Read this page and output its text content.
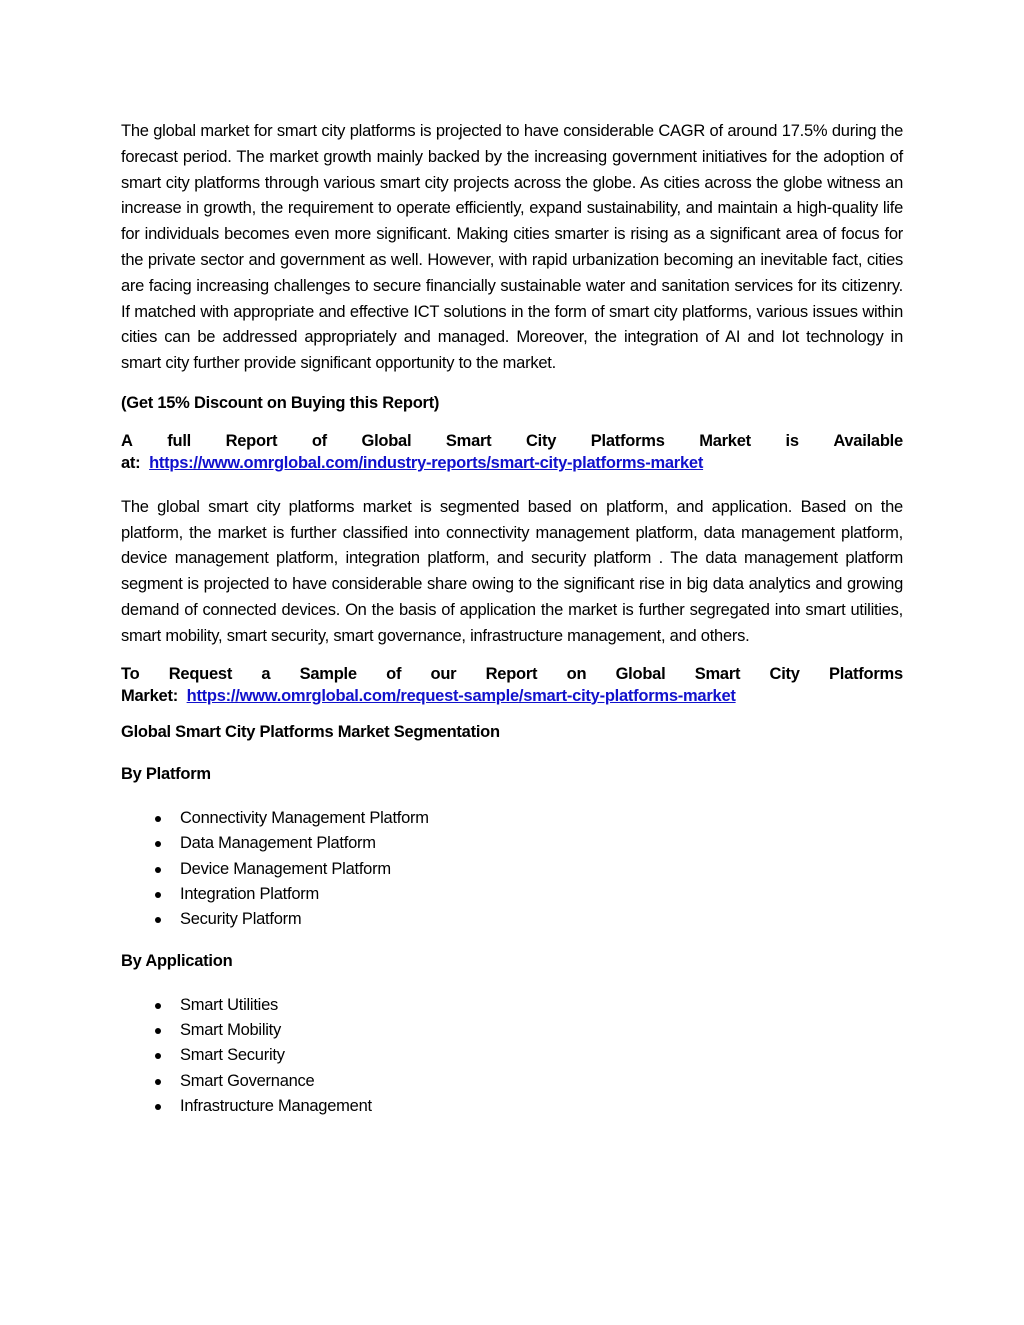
The global market for smart city platforms is projected to have considerable CAGR of around 17.5% during the forecast period. The market growth mainly backed by the increasing government initiatives for the adoption of smart city platforms through various smart city projects across the globe. As cities across the globe witness an increase in growth, the requirement to operate efficiently, expand sustainability, and maintain a high-quality life for individuals becomes even more significant. Making cities smarter is rising as a significant area of focus for the private sector and government as well. However, with rapid urbanization becoming an inevitable fact, cities are facing increasing challenges to secure financially sustainable water and sanitation services for its citizenry. If matched with appropriate and effective ICT solutions in the form of smart city platforms, various issues within cities can be addressed appropriately and managed. Moreover, the integration of AI and Iot technology in smart city further provide significant opportunity to the market.

(Get 15% Discount on Buying this Report)

A full Report of Global Smart City Platforms Market is Available
at: https://www.omrglobal.com/industry-reports/smart-city-platforms-market

The global smart city platforms market is segmented based on platform, and application. Based on the platform, the market is further classified into connectivity management platform, data management platform, device management platform, integration platform, and security platform . The data management platform segment is projected to have considerable share owing to the significant rise in big data analytics and growing demand of connected devices. On the basis of application the market is further segregated into smart utilities, smart mobility, smart security, smart governance, infrastructure management, and others.

To Request a Sample of our Report on Global Smart City Platforms
Market: https://www.omrglobal.com/request-sample/smart-city-platforms-market

Global Smart City Platforms Market Segmentation

By Platform

Connectivity Management Platform
Data Management Platform
Device Management Platform
Integration Platform
Security Platform

By Application

Smart Utilities
Smart Mobility
Smart Security
Smart Governance
Infrastructure Management
